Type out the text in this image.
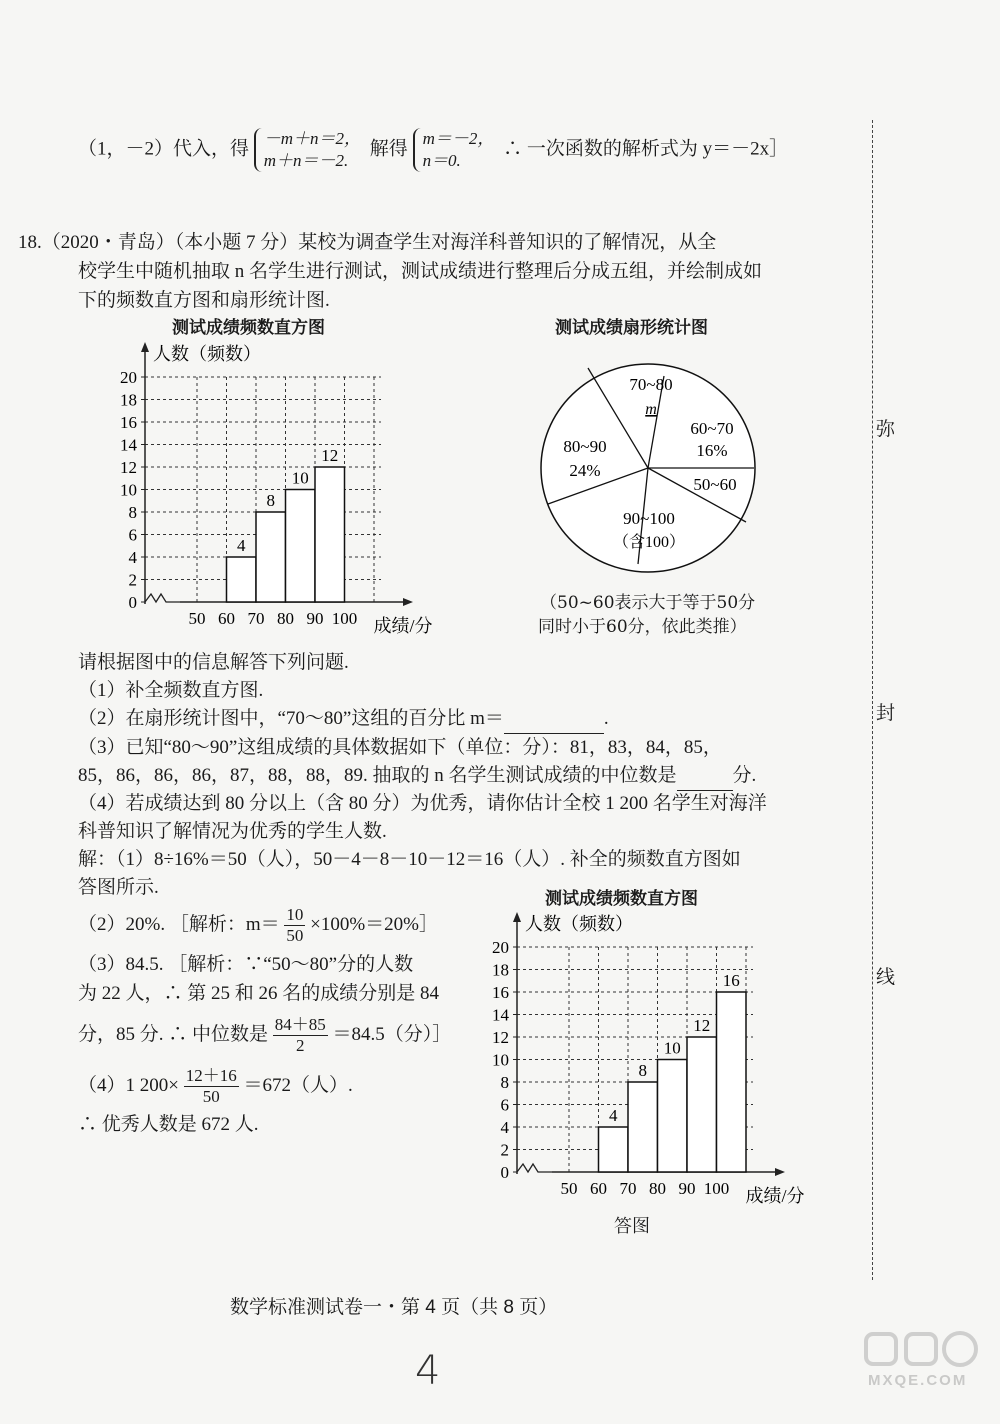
（1，－2）代入，得 －m＋n＝2，
m＋n＝－2.
解得 m＝－2，
n＝0.
∴ 一次函数的解析式为 y＝－2x］
18.（2020・青岛）（本小题 7 分）某校为调查学生对海洋科普知识的了解情况，从全
校学生中随机抽取 n 名学生进行测试，测试成绩进行整理后分成五组，并绘制成如
下的频数直方图和扇形统计图.
测试成绩频数直方图
0
2
4
6
8
10
12
14
16
18
20
人数（频数）
50 60 70 80 90 100 成绩/分
4
8
10
12
测试成绩扇形统计图
70~80
m
60~70
16%
50~60
90~100
（含100）
80~90
24%
（50~60表示大于等于50分
同时小于60分，依此类推）
请根据图中的信息解答下列问题.
（1）补全频数直方图.
（2）在扇形统计图中，“70～80”这组的百分比 m＝	.
（3）已知“80～90”这组成绩的具体数据如下（单位：分）：81，83，84，85，
85，86，86，86，87，88，88，89. 抽取的 n 名学生测试成绩的中位数是	分.
（4）若成绩达到 80 分以上（含 80 分）为优秀，请你估计全校 1 200 名学生对海洋
科普知识了解情况为优秀的学生人数.
解：（1）8÷16%＝50（人），50－4－8－10－12＝16（人）. 补全的频数直方图如
答图所示.
（2）20%. ［解析：$m= \frac{10}{50}$ ×100%＝20%］
（3）84.5. ［解析：∵“50～80”分的人数
为 22 人，∴ 第 25 和 26 名的成绩分别是 84
分，85 分. ∴ 中位数是 $\frac{84+85}{2} =84.5$（分）］
（4）1 $200\times \frac{12+16}{50} =672$（人）.
∴ 优秀人数是 672 人.
测试成绩频数直方图
0
2
4
6
8
10
12
14
16
18
20
人数（频数）
50 60 70 80 90 100 成绩/分
4
8
10
12
16
答图
弥
封
线
数学标准测试卷一・第 4 页（共 8 页）
4	MXQE.COM
